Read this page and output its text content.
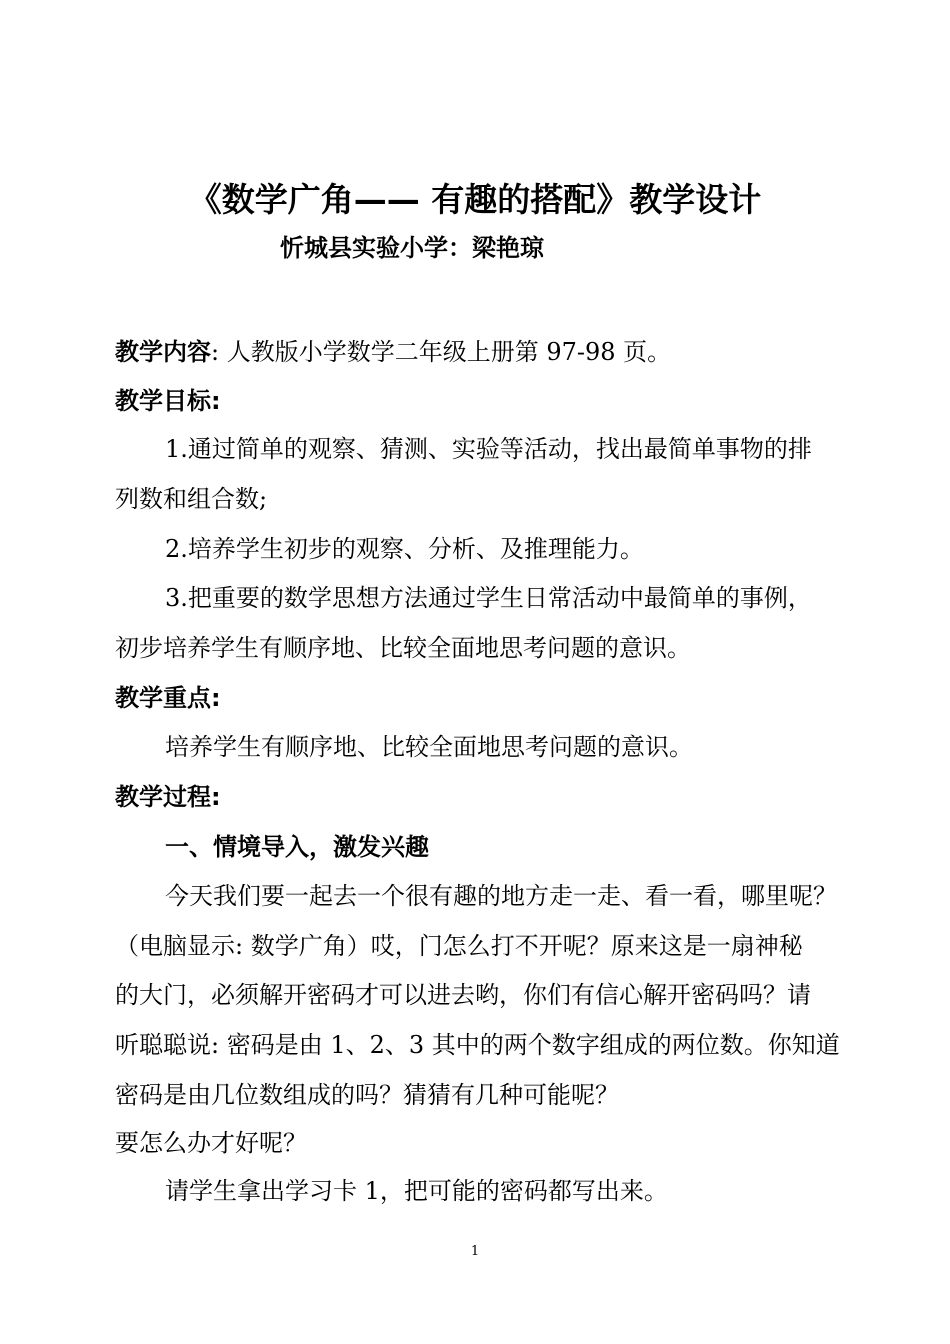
《数学广角—— 有趣的搭配》教学设计
忻城县实验小学：梁艳琼
教学内容: 人教版小学数学二年级上册第 97-98 页。
教学目标:
1.通过简单的观察、猜测、实验等活动，找出最简单事物的排
列数和组合数;
2.培养学生初步的观察、分析、及推理能力。
3.把重要的数学思想方法通过学生日常活动中最简单的事例，
初步培养学生有顺序地、比较全面地思考问题的意识。
教学重点:
培养学生有顺序地、比较全面地思考问题的意识。
教学过程:
一、情境导入，激发兴趣
今天我们要一起去一个很有趣的地方走一走、看一看，哪里呢？
（电脑显示: 数学广角）哎，门怎么打不开呢？原来这是一扇神秘
的大门，必须解开密码才可以进去哟，你们有信心解开密码吗？请
听聪聪说: 密码是由 1、2、3 其中的两个数字组成的两位数。你知道
密码是由几位数组成的吗？猜猜有几种可能呢？
要怎么办才好呢？
请学生拿出学习卡 1，把可能的密码都写出来。
1
